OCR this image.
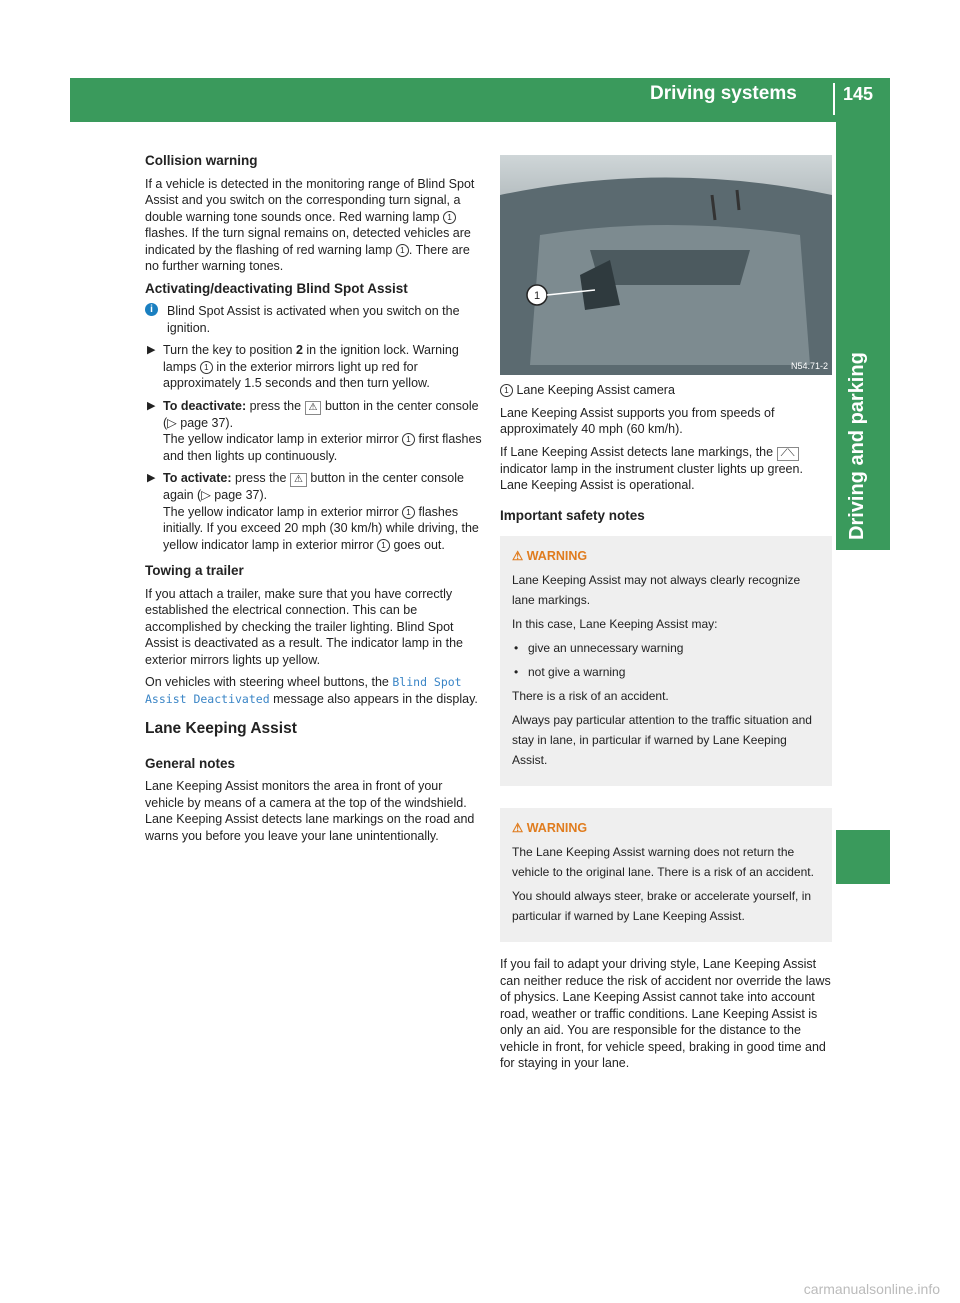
Driving systems	145
Driving and parking
Collision warning

If a vehicle is detected in the monitoring range of Blind Spot Assist and you switch on the corresponding turn signal, a double warning tone sounds once. Red warning lamp 1 flashes. If the turn signal remains on, detected vehicles are indicated by the flashing of red warning lamp 1 . There are no further warning tones.

Activating/deactivating Blind Spot Assist
i	Blind Spot Assist is activated when you switch on the ignition.
▶ Turn the key to position 2 in the ignition lock. Warning lamps 1 in the exterior mirrors light up red for approximately 1.5 seconds and then turn yellow.
▶ To deactivate: press the ⚠ button in the center console (▷ page 37).
The yellow indicator lamp in exterior mirror 1 first flashes and then lights up continuously.
▶ To activate: press the ⚠ button in the center console again (▷ page 37).
The yellow indicator lamp in exterior mirror 1 flashes initially. If you exceed 20 mph (30 km/h) while driving, the yellow indicator lamp in exterior mirror 1 goes out.
Towing a trailer

If you attach a trailer, make sure that you have correctly established the electrical connection. This can be accomplished by checking the trailer lighting. Blind Spot Assist is deactivated as a result. The indicator lamp in the exterior mirrors lights up yellow.

On vehicles with steering wheel buttons, the Blind Spot Assist Deactivated message also appears in the display.

Lane Keeping Assist
General notes

Lane Keeping Assist monitors the area in front of your vehicle by means of a camera at the top of the windshield. Lane Keeping Assist detects lane markings on the road and warns you before you leave your lane unintentionally.

1
N54.71-2

1 Lane Keeping Assist camera

Lane Keeping Assist supports you from speeds of approximately 40 mph (60 km/h).

If Lane Keeping Assist detects lane markings, the ⟋⟍ indicator lamp in the instrument cluster lights up green. Lane Keeping Assist is operational.

Important safety notes
⚠ WARNING

Lane Keeping Assist may not always clearly recognize lane markings.

In this case, Lane Keeping Assist may:

• give an unnecessary warning

• not give a warning

There is a risk of an accident.

Always pay particular attention to the traffic situation and stay in lane, in particular if warned by Lane Keeping Assist.

⚠ WARNING

The Lane Keeping Assist warning does not return the vehicle to the original lane. There is a risk of an accident.

You should always steer, brake or accelerate yourself, in particular if warned by Lane Keeping Assist.

If you fail to adapt your driving style, Lane Keeping Assist can neither reduce the risk of accident nor override the laws of physics. Lane Keeping Assist cannot take into account road, weather or traffic conditions. Lane Keeping Assist is only an aid. You are responsible for the distance to the vehicle in front, for vehicle speed, braking in good time and for staying in your lane.

carmanualsonline.info
